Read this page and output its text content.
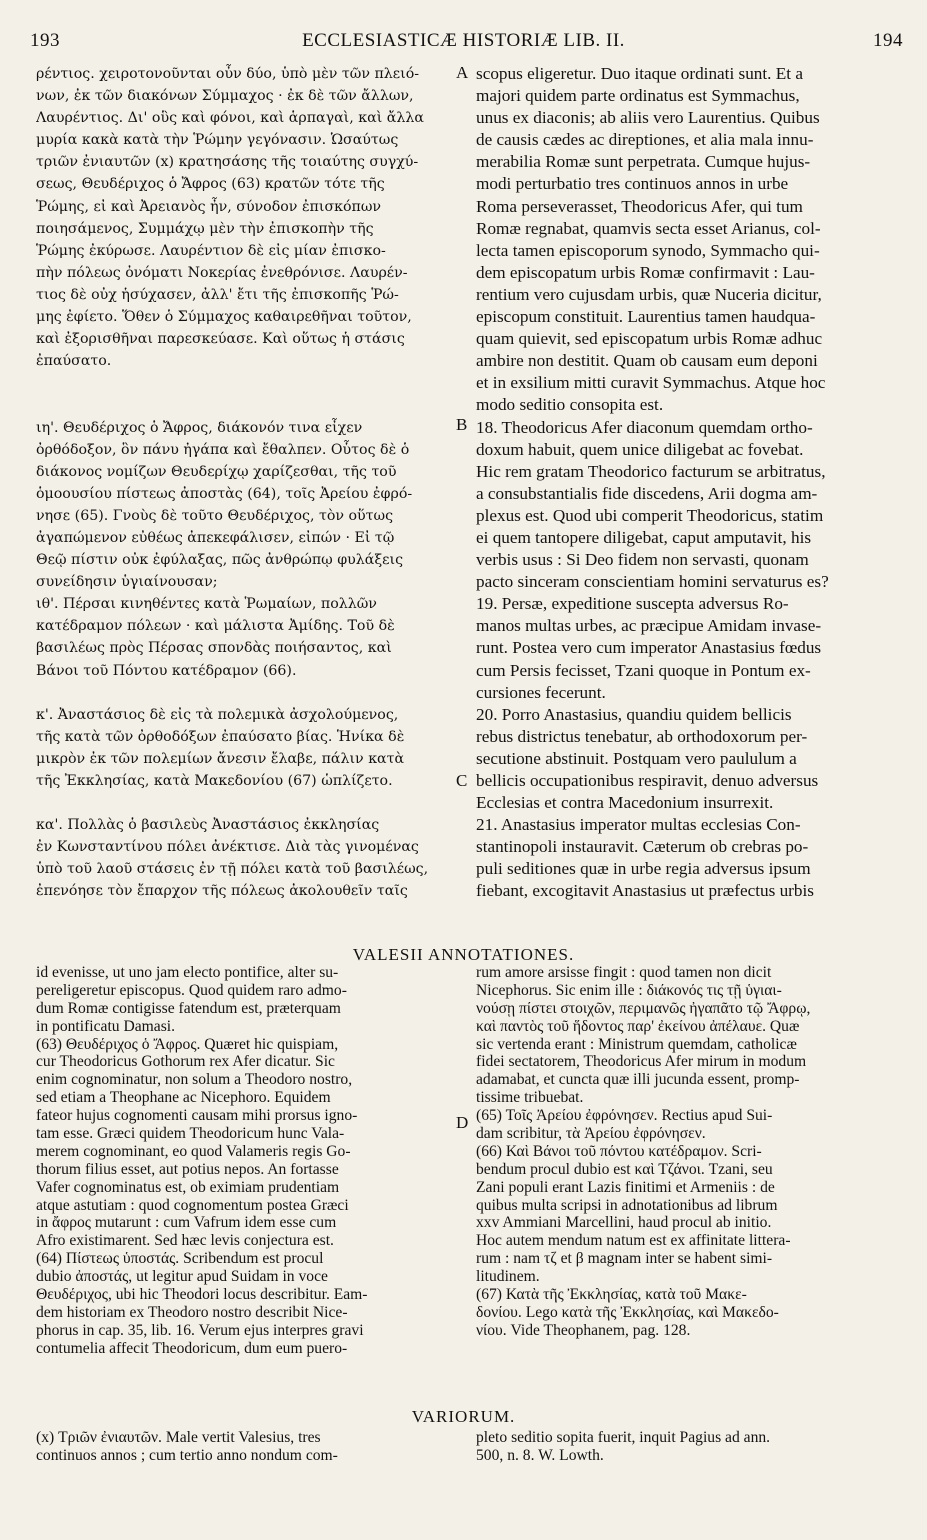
193	ECCLESIASTICÆ HISTORIÆ LIB. II.	194
A
B
C
D
ρέντιος. χειροτονοῦνται οὖν δύο, ὑπὸ μὲν τῶν πλειό-
νων, ἐκ τῶν διακόνων Σύμμαχος · ἐκ δὲ τῶν ἄλλων,
Λαυρέντιος. Δι' οὓς καὶ φόνοι, καὶ ἁρπαγαὶ, καὶ ἄλλα
μυρία κακὰ κατὰ τὴν Ῥώμην γεγόνασιν. Ὡσαύτως
τριῶν ἐνιαυτῶν (x) κρατησάσης τῆς τοιαύτης συγχύ-
σεως, Θευδέριχος ὁ Ἄφρος (63) κρατῶν τότε τῆς
Ῥώμης, εἰ καὶ Ἀρειανὸς ἦν, σύνοδον ἐπισκόπων
ποιησάμενος, Συμμάχῳ μὲν τὴν ἐπισκοπὴν τῆς
Ῥώμης ἐκύρωσε. Λαυρέντιον δὲ εἰς μίαν ἐπισκο-
πὴν πόλεως ὀνόματι Νοκερίας ἐνεθρόνισε. Λαυρέν-
τιος δὲ οὐχ ἡσύχασεν, ἀλλ' ἔτι τῆς ἐπισκοπῆς Ῥώ-
μης ἐφίετο. Ὅθεν ὁ Σύμμαχος καθαιρεθῆναι τοῦτον,
καὶ ἐξορισθῆναι παρεσκεύασε. Καὶ οὕτως ἡ στάσις
ἐπαύσατο.
ιη'. Θευδέριχος ὁ Ἄφρος, διάκονόν τινα εἶχεν
ὀρθόδοξον, ὃν πάνυ ἠγάπα καὶ ἔθαλπεν. Οὗτος δὲ ὁ
διάκονος νομίζων Θευδερίχῳ χαρίζεσθαι, τῆς τοῦ
ὁμοουσίου πίστεως ἀποστὰς (64), τοῖς Ἀρείου ἐφρό-
νησε (65). Γνοὺς δὲ τοῦτο Θευδέριχος, τὸν οὕτως
ἀγαπώμενον εὐθέως ἀπεκεφάλισεν, εἰπών · Εἰ τῷ
Θεῷ πίστιν οὐκ ἐφύλαξας, πῶς ἀνθρώπῳ φυλάξεις
συνείδησιν ὑγιαίνουσαν;
ιθ'. Πέρσαι κινηθέντες κατὰ Ῥωμαίων, πολλῶν
κατέδραμον πόλεων · καὶ μάλιστα Ἀμίδης. Τοῦ δὲ
βασιλέως πρὸς Πέρσας σπονδὰς ποιήσαντος, καὶ
Βάνοι τοῦ Πόντου κατέδραμον (66).
κ'. Ἀναστάσιος δὲ εἰς τὰ πολεμικὰ ἀσχολούμενος,
τῆς κατὰ τῶν ὀρθοδόξων ἐπαύσατο βίας. Ἡνίκα δὲ
μικρὸν ἐκ τῶν πολεμίων ἄνεσιν ἔλαβε, πάλιν κατὰ
τῆς Ἐκκλησίας, κατὰ Μακεδονίου (67) ὡπλίζετο.
κα'. Πολλὰς ὁ βασιλεὺς Ἀναστάσιος ἐκκλησίας
ἐν Κωνσταντίνου πόλει ἀνέκτισε. Διὰ τὰς γινομένας
ὑπὸ τοῦ λαοῦ στάσεις ἐν τῇ πόλει κατὰ τοῦ βασιλέως,
ἐπενόησε τὸν ἔπαρχον τῆς πόλεως ἀκολουθεῖν ταῖς
scopus eligeretur. Duo itaque ordinati sunt. Et a
majori quidem parte ordinatus est Symmachus,
unus ex diaconis; ab aliis vero Laurentius. Quibus
de causis cædes ac direptiones, et alia mala innu-
merabilia Romæ sunt perpetrata. Cumque hujus-
modi perturbatio tres continuos annos in urbe
Roma perseverasset, Theodoricus Afer, qui tum
Romæ regnabat, quamvis secta esset Arianus, col-
lecta tamen episcoporum synodo, Symmacho qui-
dem episcopatum urbis Romæ confirmavit : Lau-
rentium vero cujusdam urbis, quæ Nuceria dicitur,
episcopum constituit. Laurentius tamen haudqua-
quam quievit, sed episcopatum urbis Romæ adhuc
ambire non destitit. Quam ob causam eum deponi
et in exsilium mitti curavit Symmachus. Atque hoc
modo seditio consopita est.
18. Theodoricus Afer diaconum quemdam ortho-
doxum habuit, quem unice diligebat ac fovebat.
Hic rem gratam Theodorico facturum se arbitratus,
a consubstantialis fide discedens, Arii dogma am-
plexus est. Quod ubi comperit Theodoricus, statim
ei quem tantopere diligebat, caput amputavit, his
verbis usus : Si Deo fidem non servasti, quonam
pacto sinceram conscientiam homini servaturus es?
19. Persæ, expeditione suscepta adversus Ro-
manos multas urbes, ac præcipue Amidam invase-
runt. Postea vero cum imperator Anastasius fœdus
cum Persis fecisset, Tzani quoque in Pontum ex-
cursiones fecerunt.
20. Porro Anastasius, quandiu quidem bellicis
rebus districtus tenebatur, ab orthodoxorum per-
secutione abstinuit. Postquam vero paululum a
bellicis occupationibus respiravit, denuo adversus
Ecclesias et contra Macedonium insurrexit.
21. Anastasius imperator multas ecclesias Con-
stantinopoli instauravit. Cæterum ob crebras po-
puli seditiones quæ in urbe regia adversus ipsum
fiebant, excogitavit Anastasius ut præfectus urbis
VALESII ANNOTATIONES.
id evenisse, ut uno jam electo pontifice, alter su-
pereligeretur episcopus. Quod quidem raro admo-
dum Romæ contigisse fatendum est, præterquam
in pontificatu Damasi.
(63) Θευδέριχος ὁ Ἄφρος. Quæret hic quispiam,
cur Theodoricus Gothorum rex Afer dicatur. Sic
enim cognominatur, non solum a Theodoro nostro,
sed etiam a Theophane ac Nicephoro. Equidem
fateor hujus cognomenti causam mihi prorsus igno-
tam esse. Græci quidem Theodoricum hunc Vala-
merem cognominant, eo quod Valameris regis Go-
thorum filius esset, aut potius nepos. An fortasse
Vafer cognominatus est, ob eximiam prudentiam
atque astutiam : quod cognomentum postea Græci
in ἄφρος mutarunt : cum Vafrum idem esse cum
Afro existimarent. Sed hæc levis conjectura est.
(64) Πίστεως ὑποστάς. Scribendum est procul
dubio ἀποστάς, ut legitur apud Suidam in voce
Θευδέριχος, ubi hic Theodori locus describitur. Eam-
dem historiam ex Theodoro nostro describit Nice-
phorus in cap. 35, lib. 16. Verum ejus interpres gravi
contumelia affecit Theodoricum, dum eum puero-
rum amore arsisse fingit : quod tamen non dicit
Nicephorus. Sic enim ille : διάκονός τις τῇ ὑγιαι-
νούσῃ πίστει στοιχῶν, περιμανῶς ἠγαπᾶτο τῷ Ἄφρῳ,
καὶ παντὸς τοῦ ἥδοντος παρ' ἐκείνου ἀπέλαυε. Quæ
sic vertenda erant : Ministrum quemdam, catholicæ
fidei sectatorem, Theodoricus Afer mirum in modum
adamabat, et cuncta quæ illi jucunda essent, promp-
tissime tribuebat.
(65) Τοῖς Ἀρείου ἐφρόνησεν. Rectius apud Sui-
dam scribitur, τὰ Ἀρείου ἐφρόνησεν.
(66) Καὶ Βάνοι τοῦ πόντου κατέδραμον. Scri-
bendum procul dubio est καὶ Τζάνοι. Tzani, seu
Zani populi erant Lazis finitimi et Armeniis : de
quibus multa scripsi in adnotationibus ad librum
xxv Ammiani Marcellini, haud procul ab initio.
Hoc autem mendum natum est ex affinitate littera-
rum : nam τζ et β magnam inter se habent simi-
litudinem.
(67) Κατὰ τῆς Ἐκκλησίας, κατὰ τοῦ Μακε-
δονίου. Lego κατὰ τῆς Ἐκκλησίας, καὶ Μακεδο-
νίου. Vide Theophanem, pag. 128.
VARIORUM.
(x) Τριῶν ἐνιαυτῶν. Male vertit Valesius, tres
continuos annos ; cum tertio anno nondum com-
pleto seditio sopita fuerit, inquit Pagius ad ann.
500, n. 8. W. Lowth.
